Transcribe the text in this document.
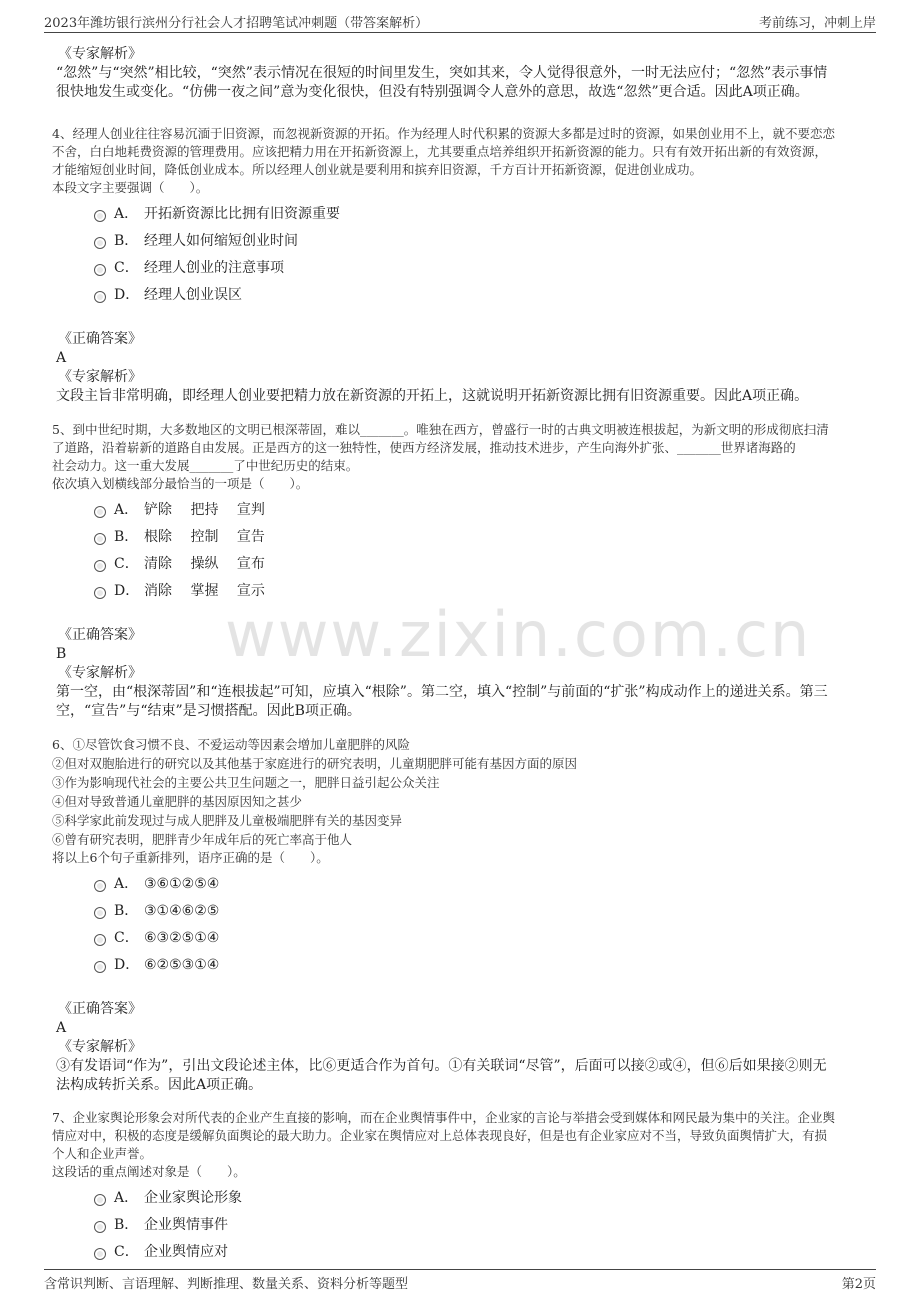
2023年潍坊银行滨州分行社会人才招聘笔试冲刺题（带答案解析）	考前练习，冲刺上岸
www.zixin.com.cn
《专家解析》
“忽然”与“突然”相比较，“突然”表示情况在很短的时间里发生，突如其来，令人觉得很意外，一时无法应付；“忽然”表示事情
很快地发生或变化。“仿佛一夜之间”意为变化很快，但没有特别强调令人意外的意思，故选“忽然”更合适。因此A项正确。
4、经理人创业往往容易沉湎于旧资源，而忽视新资源的开拓。作为经理人时代积累的资源大多都是过时的资源，如果创业用不上，就不要恋恋
不舍，白白地耗费资源的管理费用。应该把精力用在开拓新资源上，尤其要重点培养组织开拓新资源的能力。只有有效开拓出新的有效资源，
才能缩短创业时间，降低创业成本。所以经理人创业就是要利用和摈弃旧资源，千方百计开拓新资源，促进创业成功。
本段文字主要强调（　　）。
A． 开拓新资源比比拥有旧资源重要
B． 经理人如何缩短创业时间
C． 经理人创业的注意事项
D． 经理人创业误区
《正确答案》
A
《专家解析》
文段主旨非常明确，即经理人创业要把精力放在新资源的开拓上，这就说明开拓新资源比拥有旧资源重要。因此A项正确。
5、到中世纪时期，大多数地区的文明已根深蒂固，难以_______。唯独在西方，曾盛行一时的古典文明被连根拔起，为新文明的形成彻底扫清
了道路，沿着崭新的道路自由发展。正是西方的这一独特性，使西方经济发展，推动技术进步，产生向海外扩张、_______世界诸海路的
社会动力。这一重大发展_______了中世纪历史的结束。
依次填入划横线部分最恰当的一项是（　　）。
A． 铲除 把持 宣判
B． 根除 控制 宣告
C． 清除 操纵 宣布
D． 消除 掌握 宣示
《正确答案》
B
《专家解析》
第一空，由“根深蒂固”和“连根拔起”可知，应填入“根除”。第二空，填入“控制”与前面的“扩张”构成动作上的递进关系。第三
空，“宣告”与“结束”是习惯搭配。因此B项正确。
6、①尽管饮食习惯不良、不爱运动等因素会增加儿童肥胖的风险
②但对双胞胎进行的研究以及其他基于家庭进行的研究表明，儿童期肥胖可能有基因方面的原因
③作为影响现代社会的主要公共卫生问题之一，肥胖日益引起公众关注
④但对导致普通儿童肥胖的基因原因知之甚少
⑤科学家此前发现过与成人肥胖及儿童极端肥胖有关的基因变异
⑥曾有研究表明，肥胖青少年成年后的死亡率高于他人
将以上6个句子重新排列，语序正确的是（　　）。
A． ③⑥①②⑤④
B． ③①④⑥②⑤
C． ⑥③②⑤①④
D． ⑥②⑤③①④
《正确答案》
A
《专家解析》
③有发语词“作为”，引出文段论述主体，比⑥更适合作为首句。①有关联词“尽管”，后面可以接②或④，但⑥后如果接②则无
法构成转折关系。因此A项正确。
7、企业家舆论形象会对所代表的企业产生直接的影响，而在企业舆情事件中，企业家的言论与举措会受到媒体和网民最为集中的关注。企业舆
情应对中，积极的态度是缓解负面舆论的最大助力。企业家在舆情应对上总体表现良好，但是也有企业家应对不当，导致负面舆情扩大，有损
个人和企业声誉。
这段话的重点阐述对象是（　　）。
A． 企业家舆论形象
B． 企业舆情事件
C． 企业舆情应对
含常识判断、言语理解、判断推理、数量关系、资料分析等题型	第2页
